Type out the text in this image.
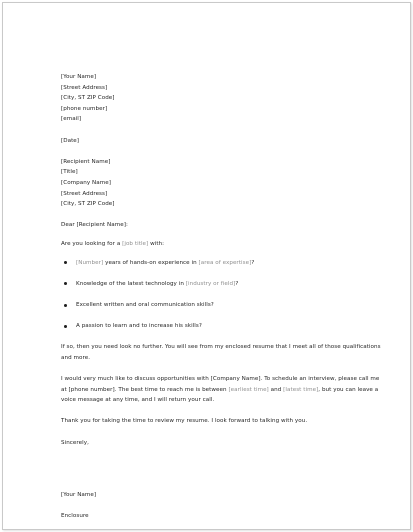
[Your Name]
[Street Address]
[City, ST ZIP Code]
[phone number]
[email]
[Date]
[Recipient Name]
[Title]
[Company Name]
[Street Address]
[City, ST ZIP Code]
Dear [Recipient Name]:
Are you looking for a [job title] with:
[Number] years of hands-on experience in [area of expertise]?
Knowledge of the latest technology in [industry or field]?
Excellent written and oral communication skills?
A passion to learn and to increase his skills?

If so, then you need look no further. You will see from my enclosed resume that I meet all of those qualifications and more.

I would very much like to discuss opportunities with [Company Name]. To schedule an interview, please call me at [phone number]. The best time to reach me is between [earliest time] and [latest time], but you can leave a voice message at any time, and I will return your call.

Thank you for taking the time to review my resume. I look forward to talking with you.

Sincerely,
[Your Name]
Enclosure
